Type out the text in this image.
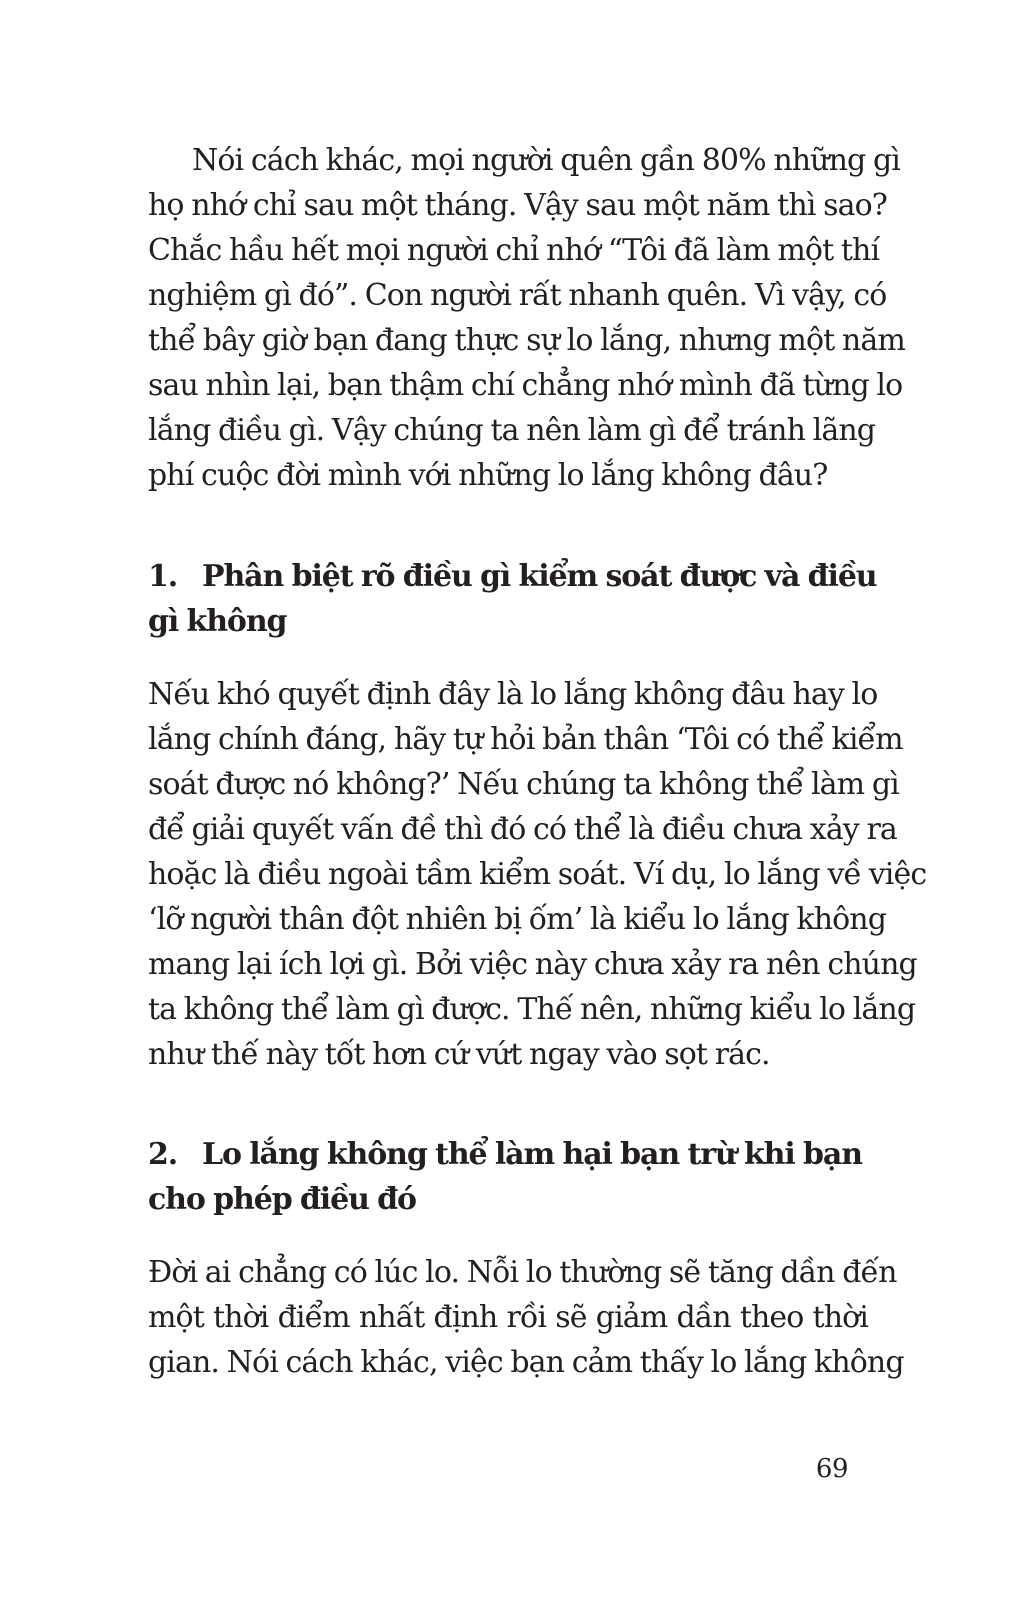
Nói cách khác, mọi người quên gần 80% những gì
họ nhớ chỉ sau một tháng. Vậy sau một năm thì sao?
Chắc hầu hết mọi người chỉ nhớ “Tôi đã làm một thí
nghiệm gì đó”. Con người rất nhanh quên. Vì vậy, có
thể bây giờ bạn đang thực sự lo lắng, nhưng một năm
sau nhìn lại, bạn thậm chí chẳng nhớ mình đã từng lo
lắng điều gì. Vậy chúng ta nên làm gì để tránh lãng
phí cuộc đời mình với những lo lắng không đâu?
1. Phân biệt rõ điều gì kiểm soát được và điều
gì không
Nếu khó quyết định đây là lo lắng không đâu hay lo
lắng chính đáng, hãy tự hỏi bản thân ‘Tôi có thể kiểm
soát được nó không?’ Nếu chúng ta không thể làm gì
để giải quyết vấn đề thì đó có thể là điều chưa xảy ra
hoặc là điều ngoài tầm kiểm soát. Ví dụ, lo lắng về việc
‘lỡ người thân đột nhiên bị ốm’ là kiểu lo lắng không
mang lại ích lợi gì. Bởi việc này chưa xảy ra nên chúng
ta không thể làm gì được. Thế nên, những kiểu lo lắng
như thế này tốt hơn cứ vứt ngay vào sọt rác.
2. Lo lắng không thể làm hại bạn trừ khi bạn
cho phép điều đó
Đời ai chẳng có lúc lo. Nỗi lo thường sẽ tăng dần đến
một thời điểm nhất định rồi sẽ giảm dần theo thời
gian. Nói cách khác, việc bạn cảm thấy lo lắng không
69
